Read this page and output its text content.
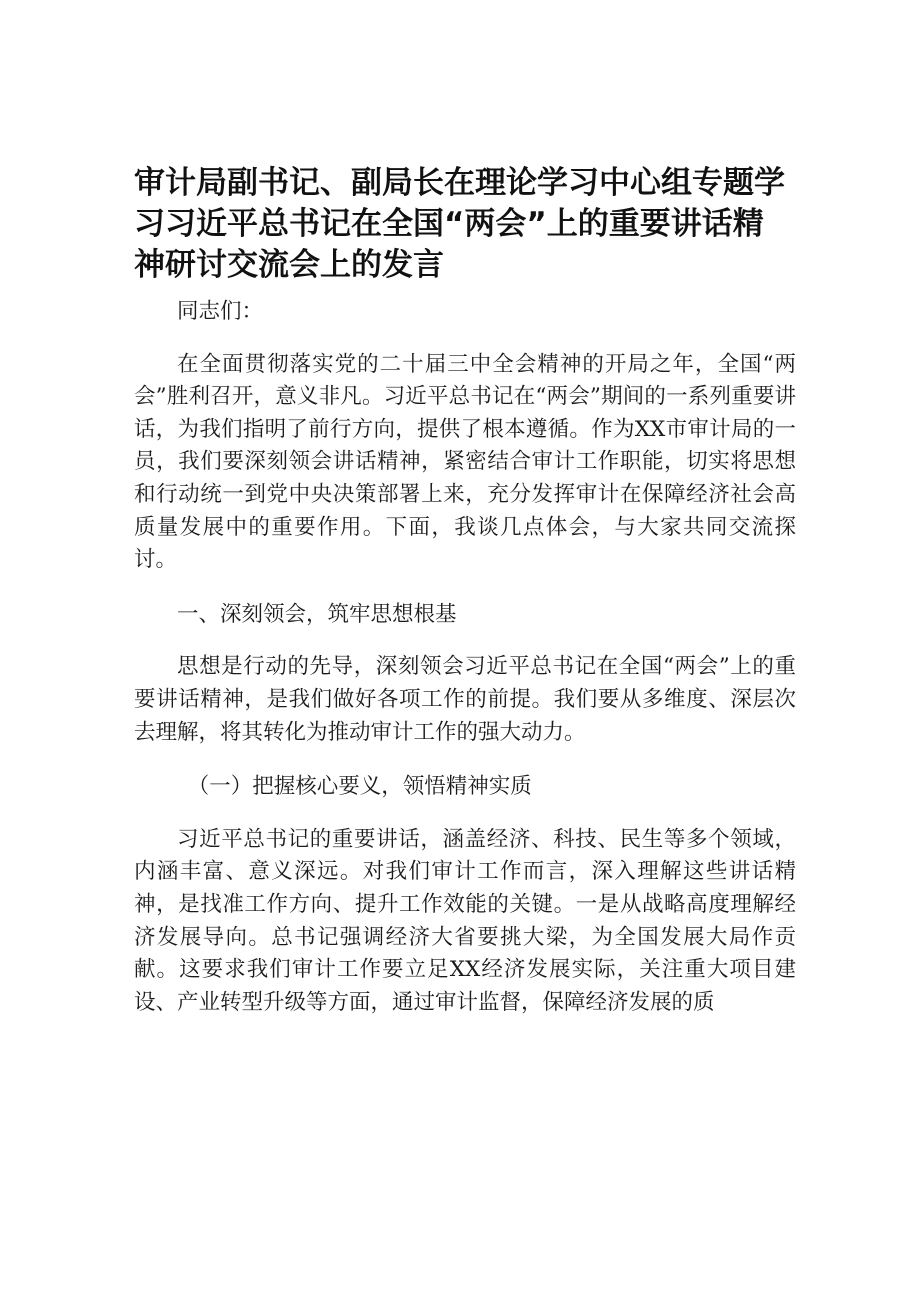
审计局副书记、副局长在理论学习中心组专题学习习近平总书记在全国“两会”上的重要讲话精神研讨交流会上的发言

同志们：

在全面贯彻落实党的二十届三中全会精神的开局之年，全国“两会”胜利召开，意义非凡。习近平总书记在“两会”期间的一系列重要讲话，为我们指明了前行方向，提供了根本遵循。作为XX市审计局的一员，我们要深刻领会讲话精神，紧密结合审计工作职能，切实将思想和行动统一到党中央决策部署上来，充分发挥审计在保障经济社会高质量发展中的重要作用。下面，我谈几点体会，与大家共同交流探讨。

一、深刻领会，筑牢思想根基

思想是行动的先导，深刻领会习近平总书记在全国“两会”上的重要讲话精神，是我们做好各项工作的前提。我们要从多维度、深层次去理解，将其转化为推动审计工作的强大动力。

（一）把握核心要义，领悟精神实质

习近平总书记的重要讲话，涵盖经济、科技、民生等多个领域，内涵丰富、意义深远。对我们审计工作而言，深入理解这些讲话精神，是找准工作方向、提升工作效能的关键。一是从战略高度理解经济发展导向。总书记强调经济大省要挑大梁，为全国发展大局作贡献。这要求我们审计工作要立足XX经济发展实际，关注重大项目建设、产业转型升级等方面，通过审计监督，保障经济发展的质
